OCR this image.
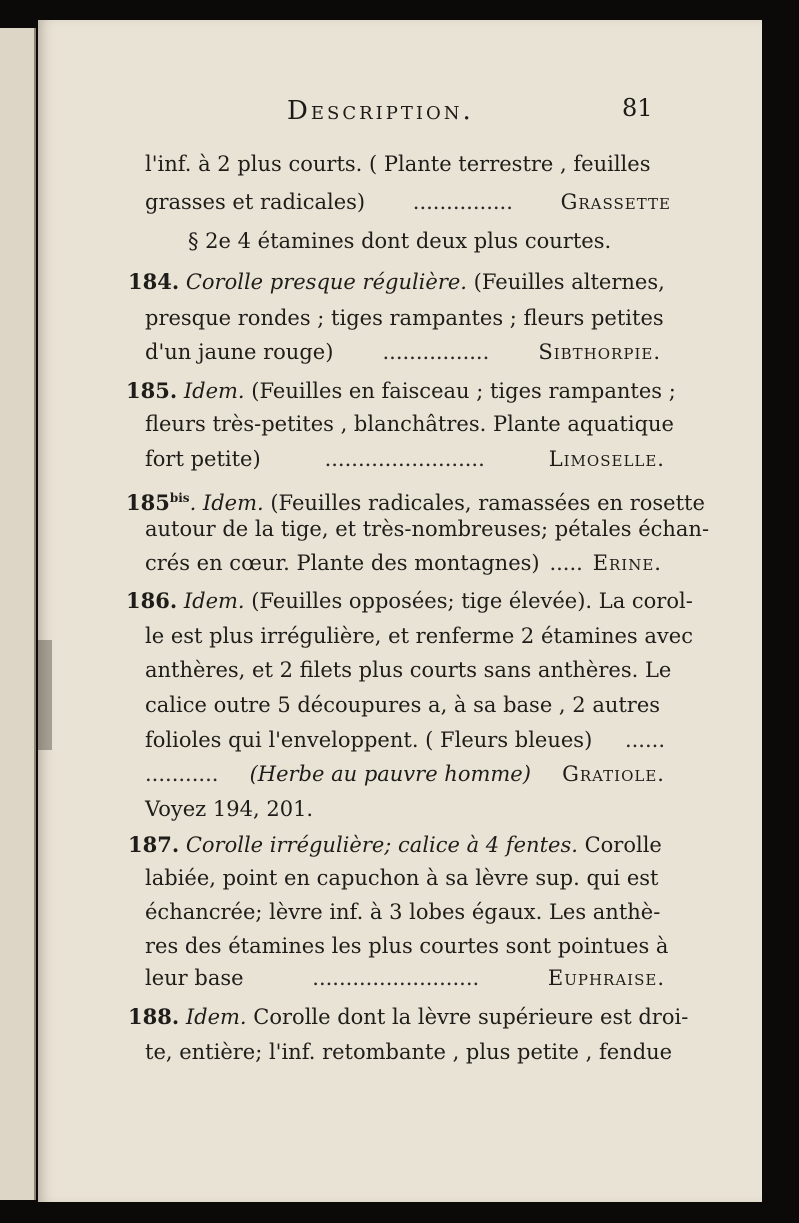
Description.	81
l'inf. à 2 plus courts. ( Plante terrestre , feuilles
grasses et radicales) ............... Grassette
§ 2e 4 étamines dont deux plus courtes.
184. Corolle presque régulière. (Feuilles alternes,
presque rondes ; tiges rampantes ; fleurs petites
d'un jaune rouge) ................ Sibthorpie.
185. Idem. (Feuilles en faisceau ; tiges rampantes ;
fleurs très-petites , blanchâtres. Plante aquatique
fort petite)	........................	Limoselle.
$185^{bis}$. Idem. (Feuilles radicales, ramassées en rosette
autour de la tige, et très-nombreuses; pétales échan-
crés en cœur. Plante des montagnes) ..... Erine.
186. Idem. (Feuilles opposées; tige élevée). La corol-
le est plus irrégulière, et renferme 2 étamines avec
anthères, et 2 filets plus courts sans anthères. Le
calice outre 5 découpures a, à sa base , 2 autres
folioles qui l'enveloppent. ( Fleurs bleues) ......
........... (Herbe au pauvre homme) Gratiole.
Voyez 194, 201.
187. Corolle irrégulière; calice à 4 fentes. Corolle
labiée, point en capuchon à sa lèvre sup. qui est
échancrée; lèvre inf. à 3 lobes égaux. Les anthè-
res des étamines les plus courtes sont pointues à
leur base	.........................	Euphraise.
188. Idem. Corolle dont la lèvre supérieure est droi-
te, entière; l'inf. retombante , plus petite , fendue
